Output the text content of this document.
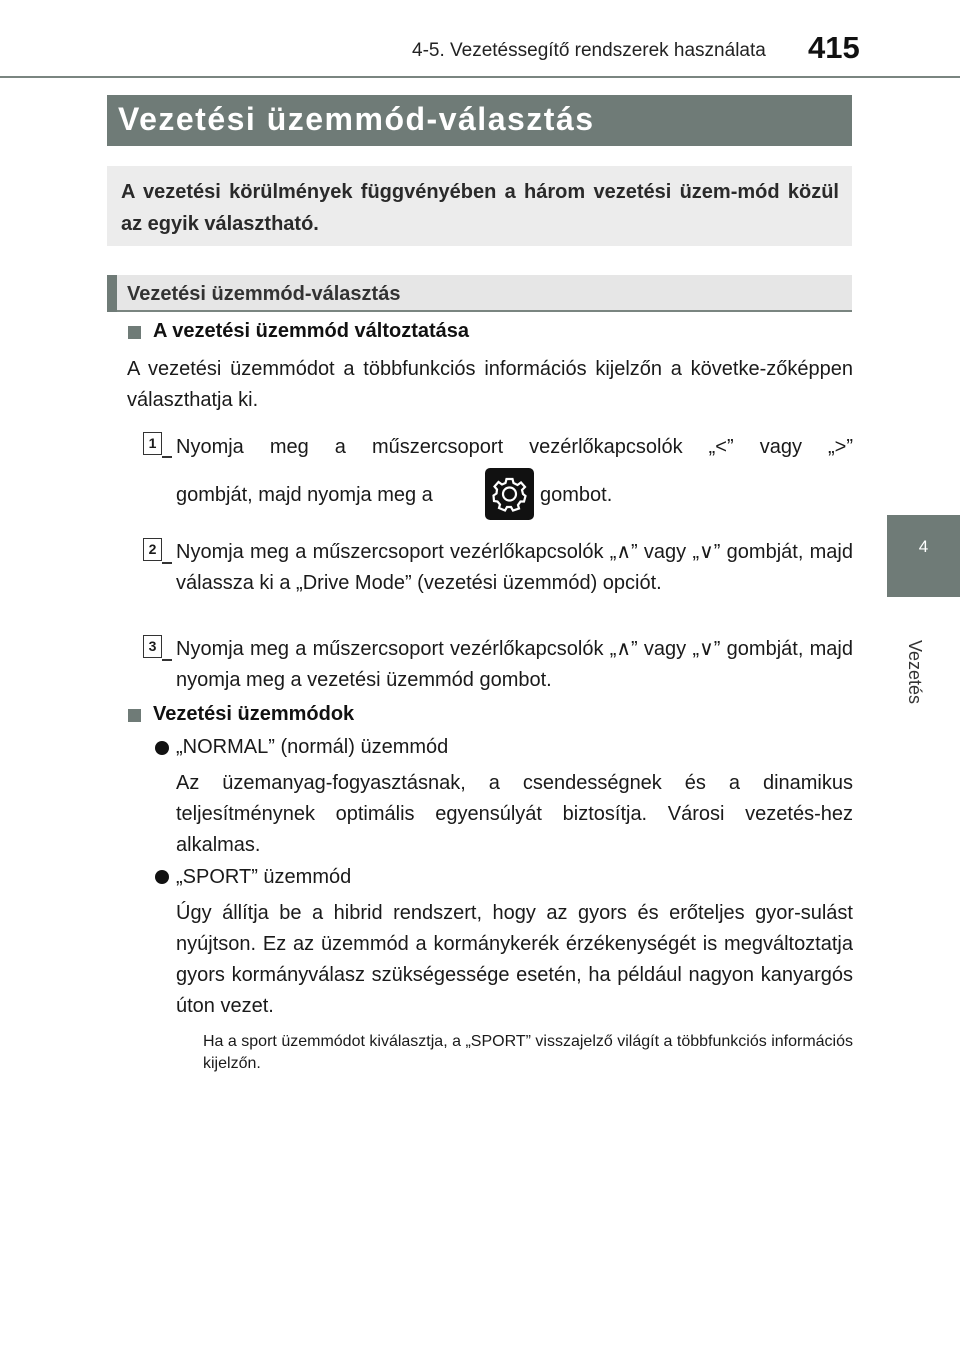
4-5. Vezetéssegítő rendszerek használata 415
4
Vezetés
Vezetési üzemmód-választás
A vezetési körülmények függvényében a három vezetési üzem-mód közül az egyik választható.
Vezetési üzemmód-választás
A vezetési üzemmód változtatása
A vezetési üzemmódot a többfunkciós információs kijelzőn a követke-zőképpen választhatja ki.
1 Nyomja meg a műszercsoport vezérlőkapcsolók „<” vagy „>”
gombját, majd nyomja meg a	gombot.
2 Nyomja meg a műszercsoport vezérlőkapcsolók „∧” vagy „∨” gombját, majd válassza ki a „Drive Mode” (vezetési üzemmód) opciót.
3 Nyomja meg a műszercsoport vezérlőkapcsolók „∧” vagy „∨” gombját, majd nyomja meg a vezetési üzemmód gombot.
Vezetési üzemmódok
„NORMAL” (normál) üzemmód
Az üzemanyag-fogyasztásnak, a csendességnek és a dinamikus teljesítménynek optimális egyensúlyát biztosítja. Városi vezetés-hez alkalmas.
„SPORT” üzemmód
Úgy állítja be a hibrid rendszert, hogy az gyors és erőteljes gyor-sulást nyújtson. Ez az üzemmód a kormánykerék érzékenységét is megváltoztatja gyors kormányválasz szükségessége esetén, ha például nagyon kanyargós úton vezet.
Ha a sport üzemmódot kiválasztja, a „SPORT” visszajelző világít a többfunkciós információs kijelzőn.
